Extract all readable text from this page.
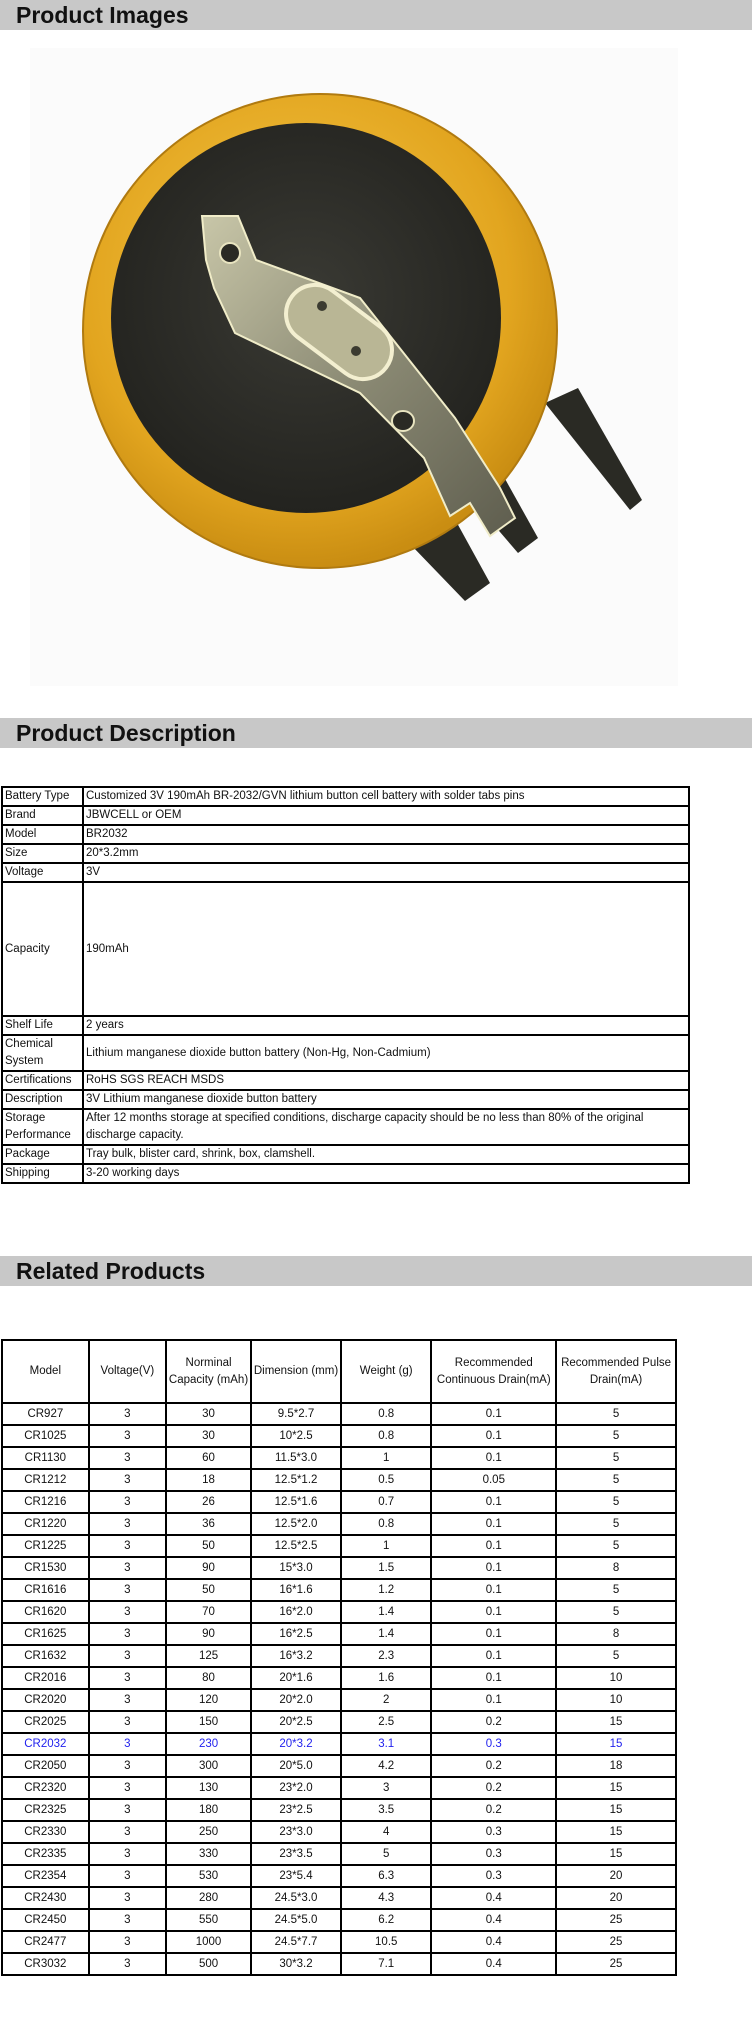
Product Images
Product Description
Battery Type	Customized 3V 190mAh BR-2032/GVN lithium button cell battery with solder tabs pins
Brand	JBWCELL or OEM
Model	BR2032
Size	20*3.2mm
Voltage	3V
Capacity	190mAh
Shelf Life	2 years
Chemical System	Lithium manganese dioxide button battery (Non-Hg, Non-Cadmium)
Certifications	RoHS SGS REACH MSDS
Description	3V Lithium manganese dioxide button battery
Storage Performance	After 12 months storage at specified conditions, discharge capacity should be no less than 80% of the original discharge capacity.
Package	Tray bulk, blister card, shrink, box, clamshell.
Shipping	3-20 working days
Related Products
Model	Voltage(V)	Norminal Capacity (mAh)	Dimension (mm)	Weight (g)	Recommended Continuous Drain(mA)	Recommended Pulse Drain(mA)
CR927	3	30	9.5*2.7	0.8	0.1	5
CR1025	3	30	10*2.5	0.8	0.1	5
CR1130	3	60	11.5*3.0	1	0.1	5
CR1212	3	18	12.5*1.2	0.5	0.05	5
CR1216	3	26	12.5*1.6	0.7	0.1	5
CR1220	3	36	12.5*2.0	0.8	0.1	5
CR1225	3	50	12.5*2.5	1	0.1	5
CR1530	3	90	15*3.0	1.5	0.1	8
CR1616	3	50	16*1.6	1.2	0.1	5
CR1620	3	70	16*2.0	1.4	0.1	5
CR1625	3	90	16*2.5	1.4	0.1	8
CR1632	3	125	16*3.2	2.3	0.1	5
CR2016	3	80	20*1.6	1.6	0.1	10
CR2020	3	120	20*2.0	2	0.1	10
CR2025	3	150	20*2.5	2.5	0.2	15
CR2032	3	230	20*3.2	3.1	0.3	15
CR2050	3	300	20*5.0	4.2	0.2	18
CR2320	3	130	23*2.0	3	0.2	15
CR2325	3	180	23*2.5	3.5	0.2	15
CR2330	3	250	23*3.0	4	0.3	15
CR2335	3	330	23*3.5	5	0.3	15
CR2354	3	530	23*5.4	6.3	0.3	20
CR2430	3	280	24.5*3.0	4.3	0.4	20
CR2450	3	550	24.5*5.0	6.2	0.4	25
CR2477	3	1000	24.5*7.7	10.5	0.4	25
CR3032	3	500	30*3.2	7.1	0.4	25
